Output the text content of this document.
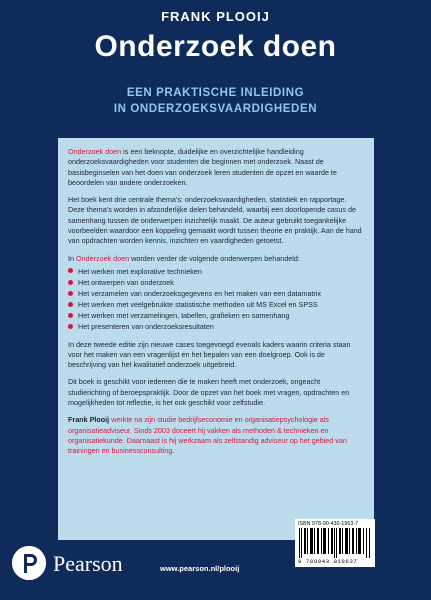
FRANK PLOOIJ
Onderzoek doen
EEN PRAKTISCHE INLEIDING
IN ONDERZOEKSVAARDIGHEDEN

Onderzoek doen is een beknopte, duidelijke en overzichtelijke handleiding onderzoeksvaardigheden voor studenten die beginnen met onderzoek. Naast de basisbeginselen van het doen van onderzoek leren studenten de opzet en waarde te beoordelen van andere onderzoeken.

Het boek kent drie centrale thema’s: onderzoeksvaardigheden, statistiek en rapportage. Deze thema’s worden in afzonderlijke delen behandeld, waarbij een doorlopende casus de samenhang tussen de onderwerpen inzichtelijk maakt. De auteur gebruikt toegankelijke voorbeelden waardoor een koppeling gemaakt wordt tussen theorie en praktijk. Aan de hand van opdrachten worden kennis, inzichten en vaardigheden getoetst.

In Onderzoek doen worden verder de volgende onderwerpen behandeld:

Het werken met explorative technieken
Het ontwerpen van onderzoek
Het verzamelen van onderzoeksgegevens en het maken van een datamatrix
Het werken met veelgebruikte statistische methoden uit MS Excel en SPSS
Het werken met verzamelingen, tabellen, grafieken en samenhang
Het presenteren van onderzoeksresultaten

In deze tweede editie zijn nieuwe cases toegevoegd evenals kaders waarin criteria staan voor het maken van een vragenlijst en het bepalen van een doelgroep. Ook is de beschrijving van het kwalitatief onderzoek uitgebreid.

Dit boek is geschikt voor iedereen die te maken heeft met onderzoek, ongeacht studierichting of beroepspraktijk. Door de opzet van het boek met vragen, opdrachten en mogelijkheden tot reflectie, is het ook geschikt voor zelfstudie.

Frank Plooij werkte na zijn studie bedrijfseconomie en organisatiepsychologie als organisatieadviseur. Sinds 2003 doceert hij vakken als methoden & technieken en organisatiekunde. Daarnaast is hij werkzaam als zelfstandig adviseur op het gebied van trainingen en businessconsulting.

ISBN 978-90-430-1963-7
9 789043 019637
Pearson	www.pearson.nl/plooij
